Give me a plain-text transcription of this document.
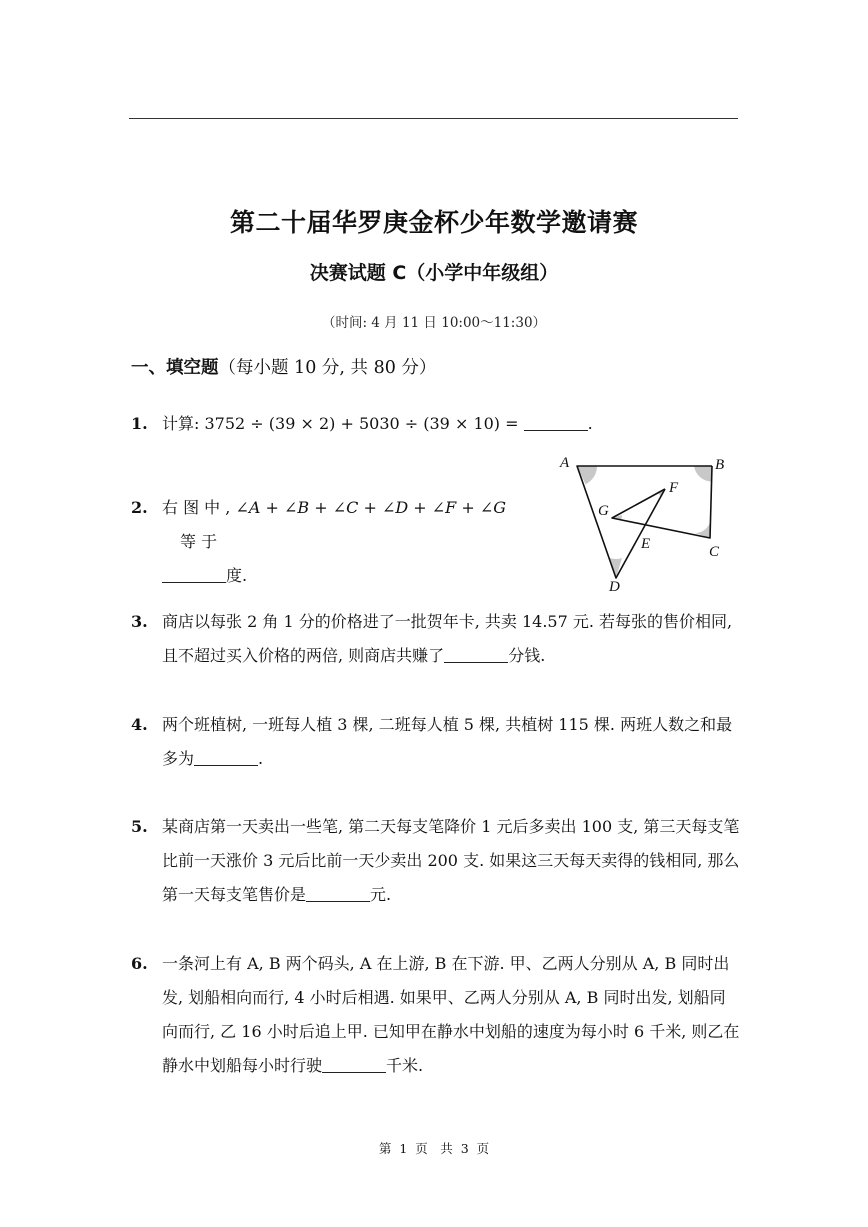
第二十届华罗庚金杯少年数学邀请赛
决赛试题 C（小学中年级组）
（时间: 4 月 11 日 10:00～11:30）
一、填空题（每小题 10 分, 共 80 分）
1. 计算: 3752 ÷ (39 × 2) + 5030 ÷ (39 × 10) =	.
2. 右 图 中 , ∠A + ∠B + ∠C + ∠D + ∠F + ∠G 等 于
度.
A	B
C
D
E
F
G
3. 商店以每张 2 角 1 分的价格进了一批贺年卡, 共卖 14.57 元. 若每张的售价相同, 且不超过买入价格的两倍, 则商店共赚了	分钱.
4. 两个班植树, 一班每人植 3 棵, 二班每人植 5 棵, 共植树 115 棵. 两班人数之和最多为	.
5. 某商店第一天卖出一些笔, 第二天每支笔降价 1 元后多卖出 100 支, 第三天每支笔比前一天涨价 3 元后比前一天少卖出 200 支. 如果这三天每天卖得的钱相同, 那么第一天每支笔售价是	元.
6. 一条河上有 A, B 两个码头, A 在上游, B 在下游. 甲、乙两人分别从 A, B 同时出发, 划船相向而行, 4 小时后相遇. 如果甲、乙两人分别从 A, B 同时出发, 划船同向而行, 乙 16 小时后追上甲. 已知甲在静水中划船的速度为每小时 6 千米, 则乙在静水中划船每小时行驶	千米.
第 1 页　共 3 页
